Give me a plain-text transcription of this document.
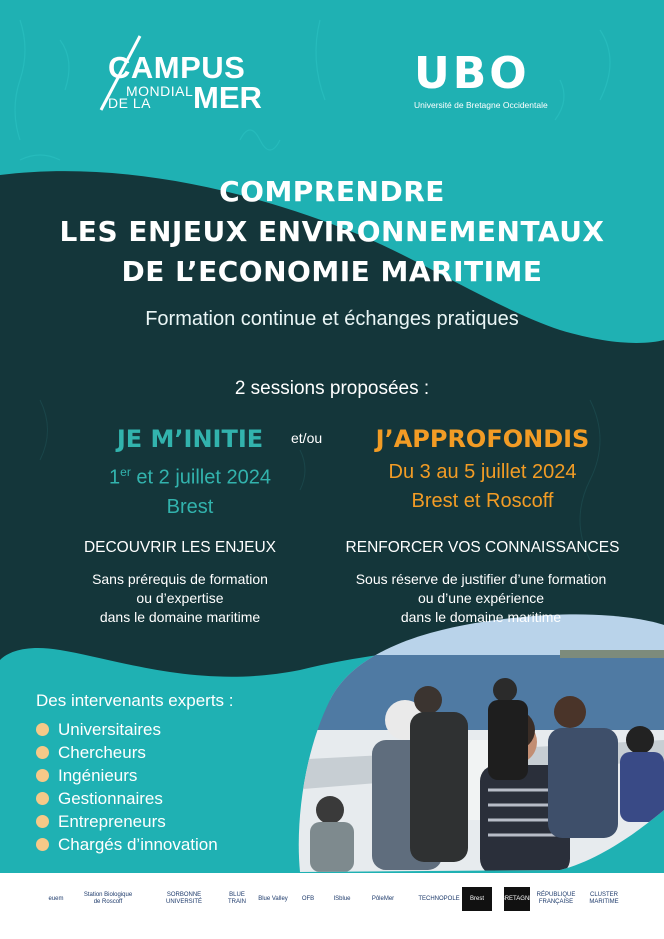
CAMPUS
MONDIAL
DE LA MER	UBO
Université de Bretagne Occidentale
COMPRENDRE
LES ENJEUX ENVIRONNEMENTAUX
DE L’ECONOMIE MARITIME
Formation continue et échanges pratiques
2 sessions proposées :
JE M’INITIE
1er et 2 juillet 2024
Brest
et/ou	J’APPROFONDIS
Du 3 au 5 juillet 2024
Brest et Roscoff
DECOUVRIR LES ENJEUX	RENFORCER VOS CONNAISSANCES
Sans prérequis de formation
ou d’expertise
dans le domaine maritime
Sous réserve de justifier d’une formation
ou d’une expérience
dans le domaine maritime
Des intervenants experts :
Universitaires
Chercheurs
Ingénieurs
Gestionnaires
Entrepreneurs
Chargés d’innovation
euem
Station Biologique de Roscoff
SORBONNE UNIVERSITÉ
BLUE TRAIN
Blue Valley OFB	ISblue	PôleMer	TECHNOPOLE Brest	BRETAGNE
RÉPUBLIQUE FRANÇAISE
CLUSTER MARITIME
